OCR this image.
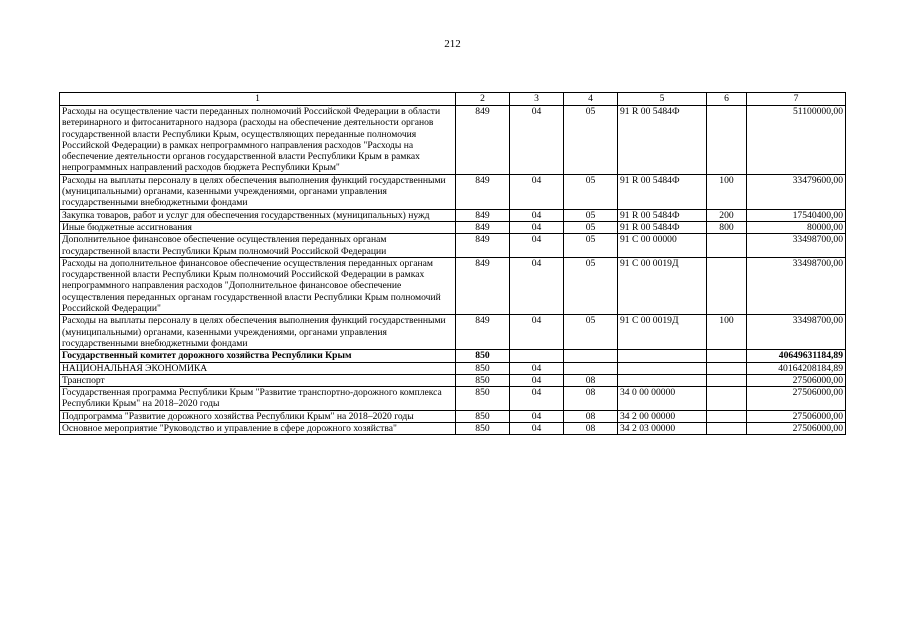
212
1	2	3	4	5	6	7
Расходы на осуществление части переданных полномочий Российской Федерации в области ветеринарного и фитосанитарного надзора (расходы на обеспечение деятельности органов государственной власти Республики Крым, осуществляющих переданные полномочия Российской Федерации) в рамках непрограммного направления расходов "Расходы на обеспечение деятельности органов государственной власти Республики Крым в рамках непрограммных направлений расходов бюджета Республики Крым"	849	04	05	91 R 00 5484Ф		51100000,00
Расходы на выплаты персоналу в целях обеспечения выполнения функций государственными (муниципальными) органами, казенными учреждениями, органами управления государственными внебюджетными фондами	849	04	05	91 R 00 5484Ф	100	33479600,00
Закупка товаров, работ и услуг для обеспечения государственных (муниципальных) нужд	849	04	05	91 R 00 5484Ф	200	17540400,00
Иные бюджетные ассигнования	849	04	05	91 R 00 5484Ф	800	80000,00
Дополнительное финансовое обеспечение осуществления переданных органам государственной власти Республики Крым полномочий Российской Федерации	849	04	05	91 С 00 00000		33498700,00
Расходы на дополнительное финансовое обеспечение осуществления переданных органам государственной власти Республики Крым полномочий Российской Федерации в рамках непрограммного направления расходов "Дополнительное финансовое обеспечение осуществления переданных органам государственной власти Республики Крым полномочий Российской Федерации"	849	04	05	91 С 00 0019Д		33498700,00
Расходы на выплаты персоналу в целях обеспечения выполнения функций государственными (муниципальными) органами, казенными учреждениями, органами управления государственными внебюджетными фондами	849	04	05	91 С 00 0019Д	100	33498700,00
Государственный комитет дорожного хозяйства Республики Крым	850					40649631184,89
НАЦИОНАЛЬНАЯ ЭКОНОМИКА	850	04				40164208184,89
Транспорт	850	04	08			27506000,00
Государственная программа Республики Крым "Развитие транспортно-дорожного комплекса Республики Крым" на 2018–2020 годы	850	04	08	34 0 00 00000		27506000,00
Подпрограмма "Развитие дорожного хозяйства Республики Крым" на 2018–2020 годы	850	04	08	34 2 00 00000		27506000,00
Основное мероприятие "Руководство и управление в сфере дорожного хозяйства"	850	04	08	34 2 03 00000		27506000,00
